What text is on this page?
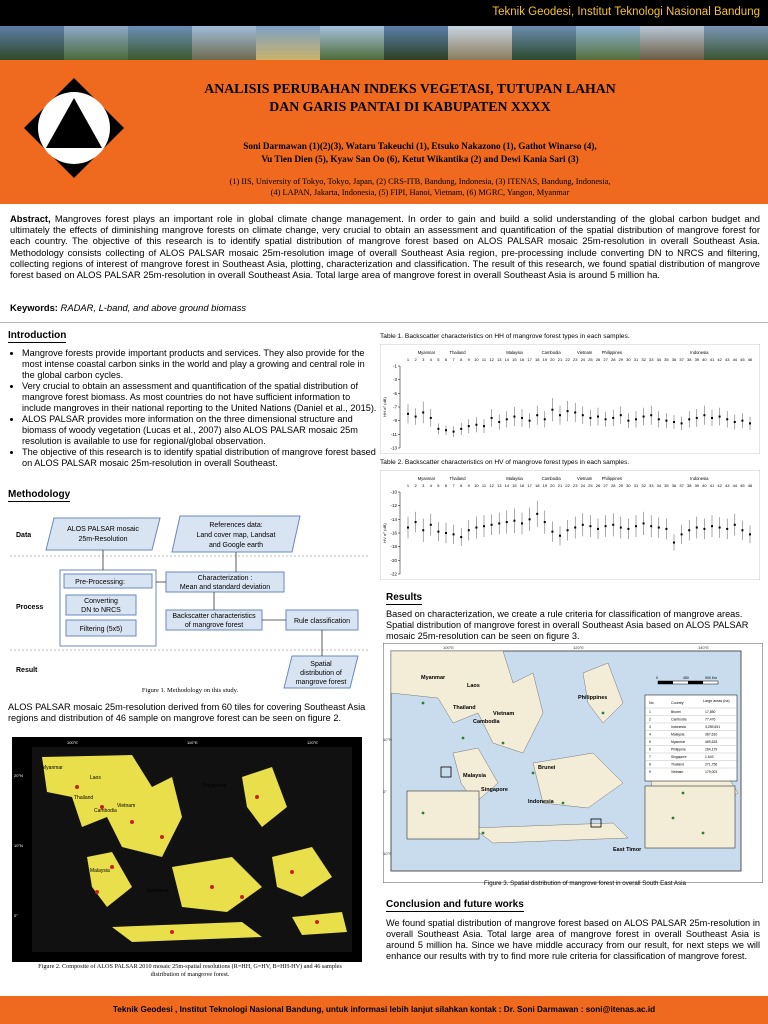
Teknik Geodesi, Institut Teknologi Nasional Bandung
ANALISIS PERUBAHAN INDEKS VEGETASI, TUTUPAN LAHAN
DAN GARIS PANTAI DI KABUPATEN XXXX
Soni Darmawan (1)(2)(3), Wataru Takeuchi (1), Etsuko Nakazono (1), Gathot Winarso (4),
Vu Tien Dien (5), Kyaw San Oo (6), Ketut Wikantika (2) and Dewi Kania Sari (3)
(1) IIS, University of Tokyo, Tokyo, Japan, (2) CRS-ITB, Bandung, Indonesia, (3) ITENAS, Bandung, Indonesia,
(4) LAPAN, Jakarta, Indonesia, (5) FIPI, Hanoi, Vietnam, (6) MGRC, Yangon, Myanmar
Abstract, Mangroves forest plays an important role in global climate change management. In order to gain and build a solid understanding of the global carbon budget and ultimately the effects of diminishing mangrove forests on climate change, very crucial to obtain an assessment and quantification of the spatial distribution of mangrove forest for each country. The objective of this research is to identify spatial distribution of mangrove forest based on ALOS PALSAR mosaic 25m-resolution in overall Southeast Asia. Methodology consists collecting of ALOS PALSAR mosaic 25m-resolution image of overall Southeast Asia region, pre-processing include converting DN to NRCS and filtering, collecting regions of interest of mangrove forest in Southeast Asia, plotting, characterization and classification. The result of this research, we found spatial distribution of mangrove forest based on ALOS PALSAR 25m-resolution in overall Southeast Asia. Total large area of mangrove forest in overall Southeast Asia is around 5 million ha.
Keywords: RADAR, L-band, and above ground biomass
Introduction
• Mangrove forests provide important products and services. They also provide for the most intense coastal carbon sinks in the world and play a growing and central role in the global carbon cycles.
• Very crucial to obtain an assessment and quantification of the spatial distribution of mangrove forest biomass. As most countries do not have sufficient information to include mangroves in their national reporting to the United Nations (Daniel et al., 2015).
• ALOS PALSAR provides more information on the three dimensional structure and biomass of woody vegetation (Lucas et al., 2007) also ALOS PALSAR mosaic 25m resolution is available to use for regional/global observation.
• The objective of this research is to identify spatial distribution of mangrove forest based on ALOS PALSAR mosaic 25m-resolution in overall Southeast.
Methodology
Data
Process
Result
ALOS PALSAR mosaic
25m-Resolution
References data:
Land cover map, Landsat
and Google earth
Pre-Processing:
Converting
DN to NRCS
Filtering (5x5)
Characterization :
Mean and standard deviation
Backscatter characteristics
of mangrove forest
Rule classification
Spatial
distribution of
mangrove forest
Figure 1. Methodology on this study.
ALOS PALSAR mosaic 25m-resolution derived from 60 tiles for covering Southeast Asia regions and distribution of 46 sample on mangrove forest can be seen on figure 2.
Myanmar
Laos
Thailand
Vietnam
Cambodia
Philippines
Malaysia
Indonesia
100°E	110°E	120°E
20°N
10°N
0°
Figure 2. Composite of ALOS PALSAR 2010 mosaic 25m-spatial resolutions (R=HH, G=HV, B=HH-HV) and 46 samples distribution of mangrove forest.
Table 1. Backscatter characteristics on HH of mangrove forest types in each samples.
-1
-3
-5
-7
-9
-11
-13
HH σ° (dB)
Myanmar	Thailand	Malaysia	Cambodia	Vietnam Philippines	Indonesia
1 2 3 4 5 6 7 8 9 10 11 12 13 14 15 16 17 18 19 20 21 22 23 24 25 26 27 28 29 30 31 32 33 34 35 36 37 38 39 40 41 42 43 44 45 46
Table 2. Backscatter characteristics on HV of mangrove forest types in each samples.
-10
-12
-14
-16
-18
-20
-22
HV σ° (dB)
Myanmar	Thailand	Malaysia	Cambodia	Vietnam Philippines	Indonesia
1 2 3 4 5 6 7 8 9 10 11 12 13 14 15 16 17 18 19 20 21 22 23 24 25 26 27 28 29 30 31 32 33 34 35 36 37 38 39 40 41 42 43 44 45 46
Results
Based on characterization, we create a rule criteria for classification of mangrove areas. Spatial distribution of mangrove forest in overall Southeast Asia based on ALOS PALSAR mosaic 25m-resolution can be seen on figure 3.
Myanmar
Laos
Thailand
Vietnam
Cambodia
Philippines
Malaysia
Singapore
Brunei
Indonesia
East Timor
100°E	120°E	140°E
10°N
0°
10°S
0	450	900 Km
No	Country	Large areas (ha)
1	Brunei	17,850
2	Cambodia	77,476
3	Indonesia	3,289,651
4	Malaysia	367,610
5	Myanmar	469,633
6	Philippine	264,179
7	Singapore	1,643
8	Thailand	271,756
9	Vietnam	179,003
Figure 3. Spatial distribution of mangrove forest in overall South East Asia
Conclusion and future works
We found spatial distribution of mangrove forest based on ALOS PALSAR 25m-resolution in overall Southeast Asia. Total large area of mangrove forest in overall Southeast Asia is around 5 million ha. Since we have middle accuracy from our result, for next steps we will enhance our results with try to find more rule criteria for classification of mangrove forest.
Teknik Geodesi , Institut Teknologi Nasional Bandung, untuk informasi lebih lanjut silahkan kontak : Dr. Soni Darmawan : soni@itenas.ac.id
